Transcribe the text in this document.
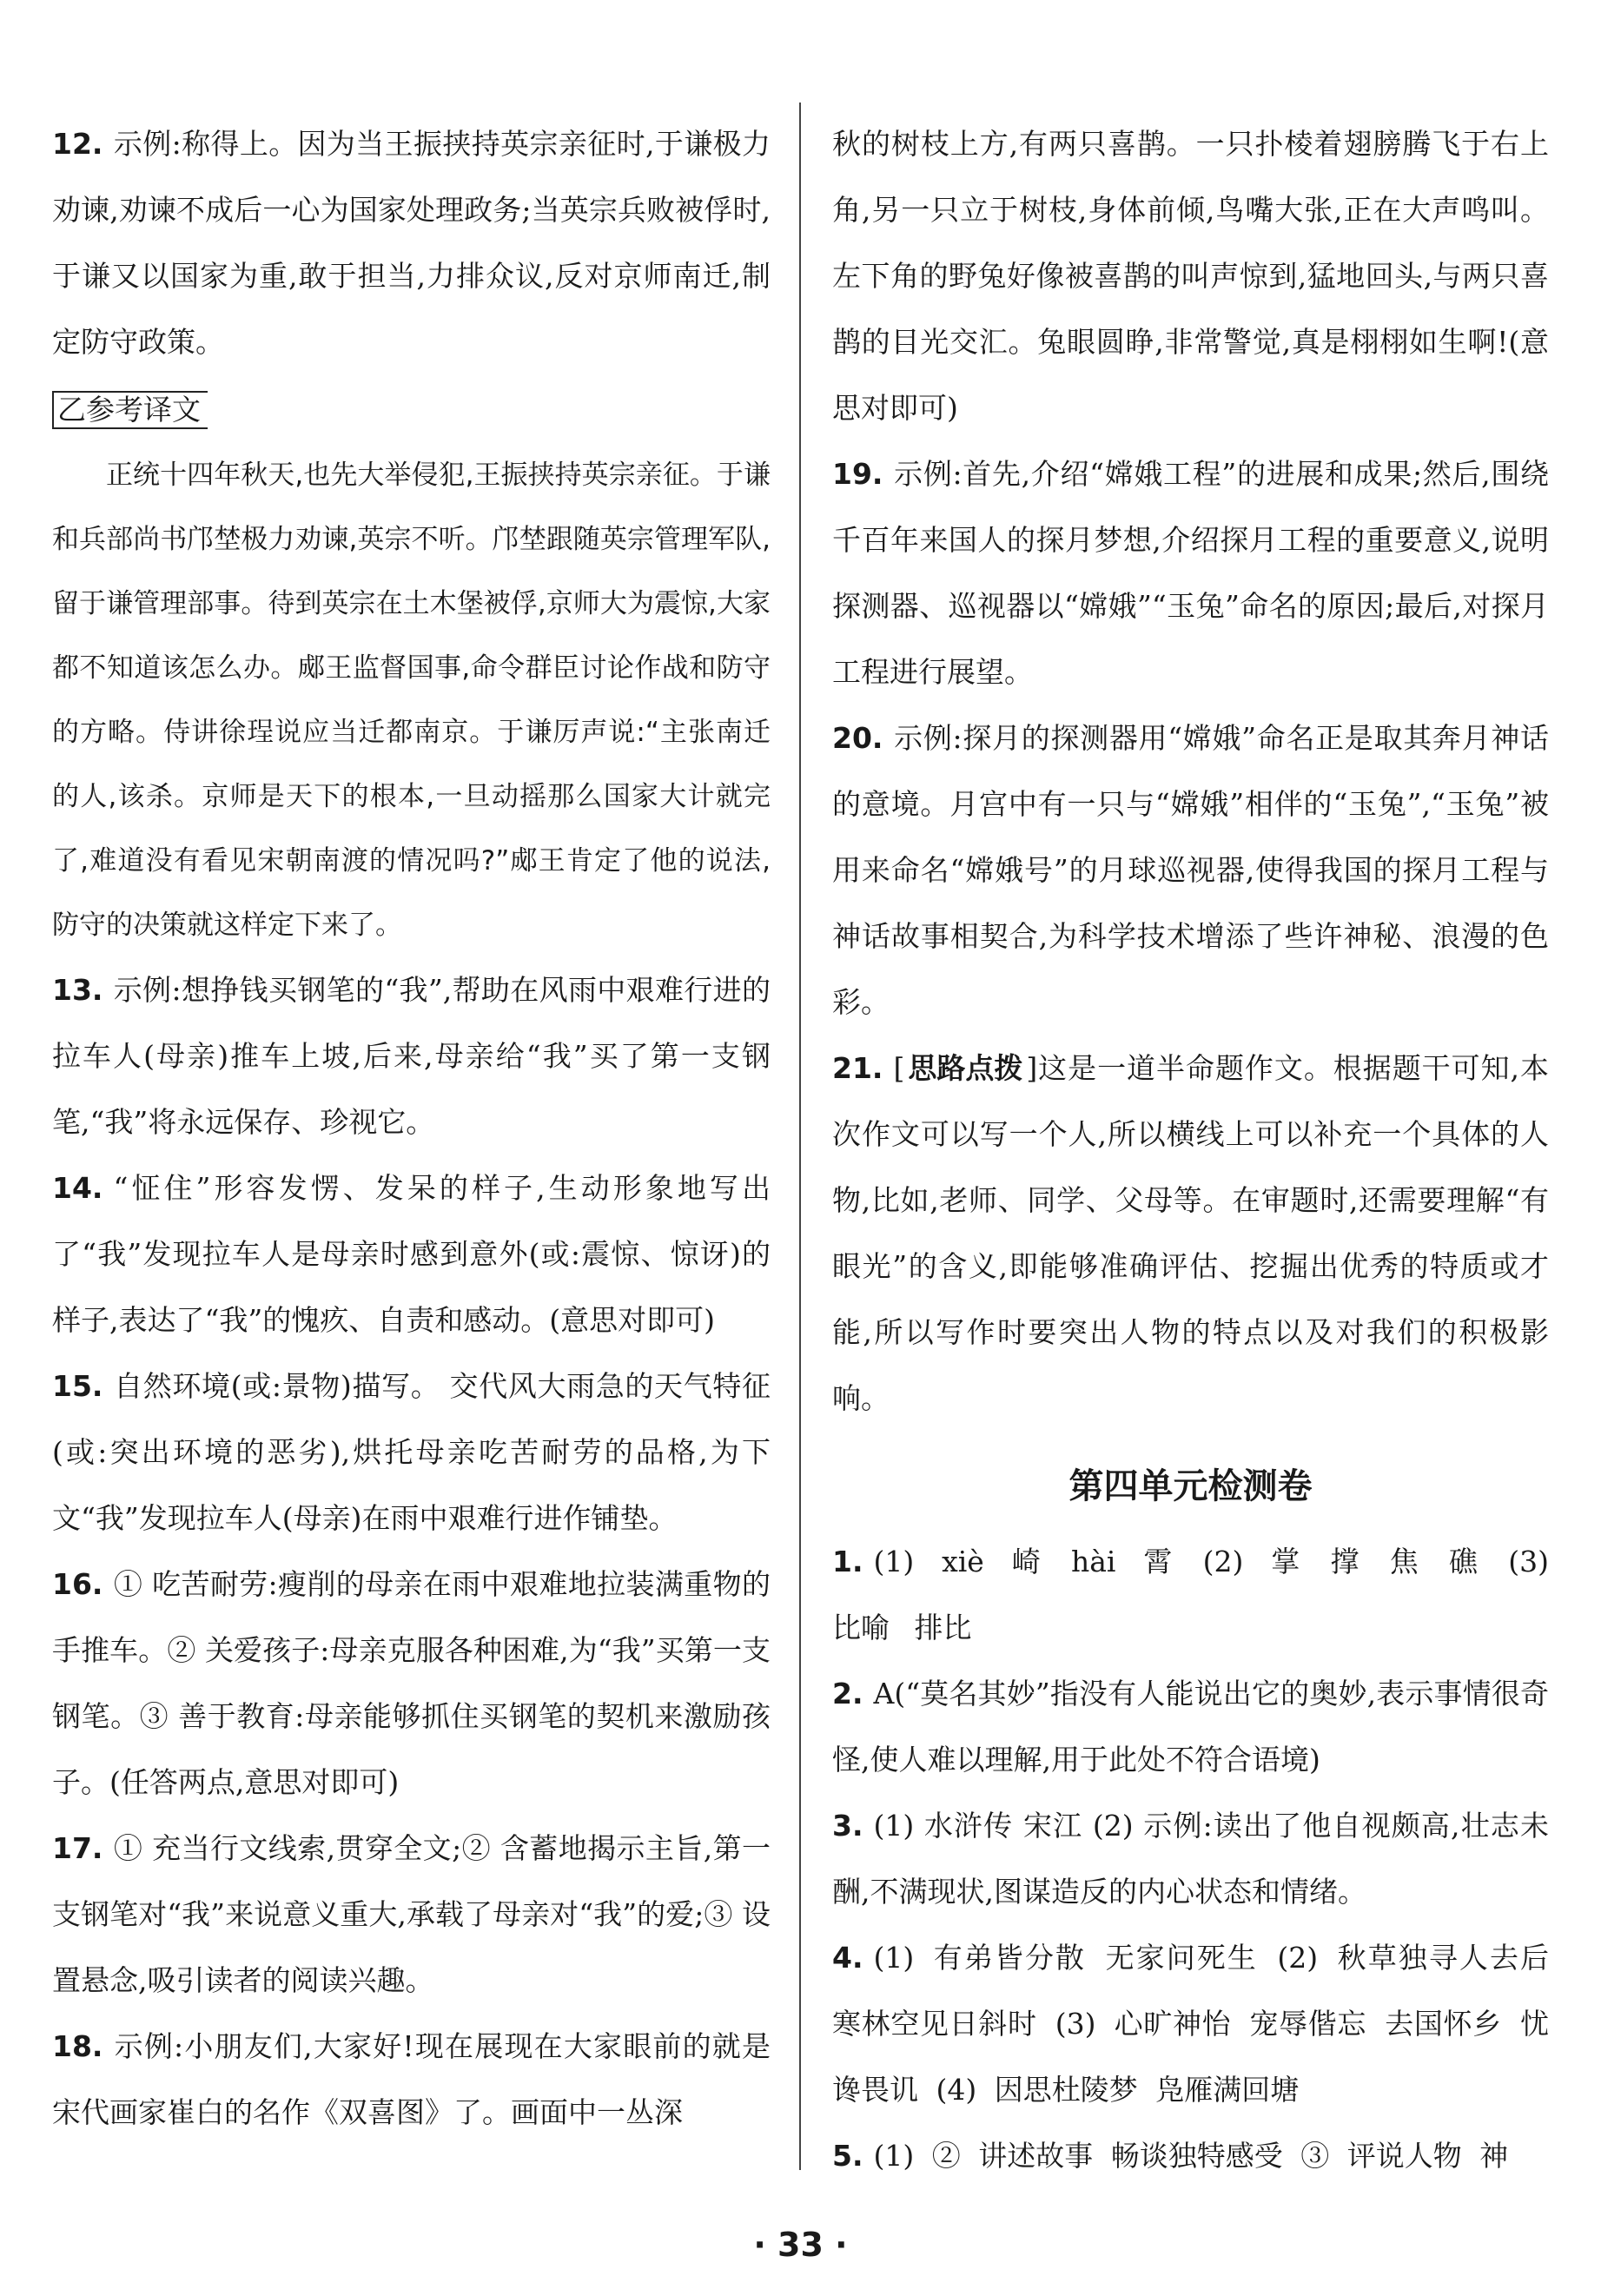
12. 示例:称得上。因为当王振挟持英宗亲征时,于谦极力劝谏,劝谏不成后一心为国家处理政务;当英宗兵败被俘时,于谦又以国家为重,敢于担当,力排众议,反对京师南迁,制定防守政策。
乙参考译文
正统十四年秋天,也先大举侵犯,王振挟持英宗亲征。于谦和兵部尚书邝埜极力劝谏,英宗不听。邝埜跟随英宗管理军队,留于谦管理部事。待到英宗在土木堡被俘,京师大为震惊,大家都不知道该怎么办。郕王监督国事,命令群臣讨论作战和防守的方略。侍讲徐珵说应当迁都南京。于谦厉声说:“主张南迁的人,该杀。京师是天下的根本,一旦动摇那么国家大计就完了,难道没有看见宋朝南渡的情况吗?”郕王肯定了他的说法,防守的决策就这样定下来了。
13. 示例:想挣钱买钢笔的“我”,帮助在风雨中艰难行进的拉车人(母亲)推车上坡,后来,母亲给“我”买了第一支钢笔,“我”将永远保存、珍视它。
14. “怔住”形容发愣、发呆的样子,生动形象地写出了“我”发现拉车人是母亲时感到意外(或:震惊、惊讶)的样子,表达了“我”的愧疚、自责和感动。(意思对即可)
15. 自然环境(或:景物)描写。 交代风大雨急的天气特征(或:突出环境的恶劣),烘托母亲吃苦耐劳的品格,为下文“我”发现拉车人(母亲)在雨中艰难行进作铺垫。
16. ① 吃苦耐劳:瘦削的母亲在雨中艰难地拉装满重物的手推车。② 关爱孩子:母亲克服各种困难,为“我”买第一支钢笔。③ 善于教育:母亲能够抓住买钢笔的契机来激励孩子。(任答两点,意思对即可)
17. ① 充当行文线索,贯穿全文;② 含蓄地揭示主旨,第一支钢笔对“我”来说意义重大,承载了母亲对“我”的爱;③ 设置悬念,吸引读者的阅读兴趣。
18. 示例:小朋友们,大家好!现在展现在大家眼前的就是宋代画家崔白的名作《双喜图》了。画面中一丛深
秋的树枝上方,有两只喜鹊。一只扑棱着翅膀腾飞于右上角,另一只立于树枝,身体前倾,鸟嘴大张,正在大声鸣叫。左下角的野兔好像被喜鹊的叫声惊到,猛地回头,与两只喜鹊的目光交汇。兔眼圆睁,非常警觉,真是栩栩如生啊!(意思对即可)
19. 示例:首先,介绍“嫦娥工程”的进展和成果;然后,围绕千百年来国人的探月梦想,介绍探月工程的重要意义,说明探测器、巡视器以“嫦娥”“玉兔”命名的原因;最后,对探月工程进行展望。
20. 示例:探月的探测器用“嫦娥”命名正是取其奔月神话的意境。月宫中有一只与“嫦娥”相伴的“玉兔”,“玉兔”被用来命名“嫦娥号”的月球巡视器,使得我国的探月工程与神话故事相契合,为科学技术增添了些许神秘、浪漫的色彩。
21. [ 思路点拨 ]这是一道半命题作文。根据题干可知,本次作文可以写一个人,所以横线上可以补充一个具体的人物,比如,老师、同学、父母等。在审题时,还需要理解“有眼光”的含义,即能够准确评估、挖掘出优秀的特质或才能,所以写作时要突出人物的特点以及对我们的积极影响。
第四单元检测卷
1. (1) xiè 崎 hài 霄 (2) 掌 撑 焦 礁 (3) 比喻 排比
2. A(“莫名其妙”指没有人能说出它的奥妙,表示事情很奇怪,使人难以理解,用于此处不符合语境)
3. (1) 水浒传 宋江 (2) 示例:读出了他自视颇高,壮志未酬,不满现状,图谋造反的内心状态和情绪。
4. (1) 有弟皆分散 无家问死生 (2) 秋草独寻人去后 寒林空见日斜时 (3) 心旷神怡 宠辱偕忘 去国怀乡 忧谗畏讥 (4) 因思杜陵梦 凫雁满回塘
5. (1) ② 讲述故事 畅谈独特感受 ③ 评说人物 神
· 33 ·
